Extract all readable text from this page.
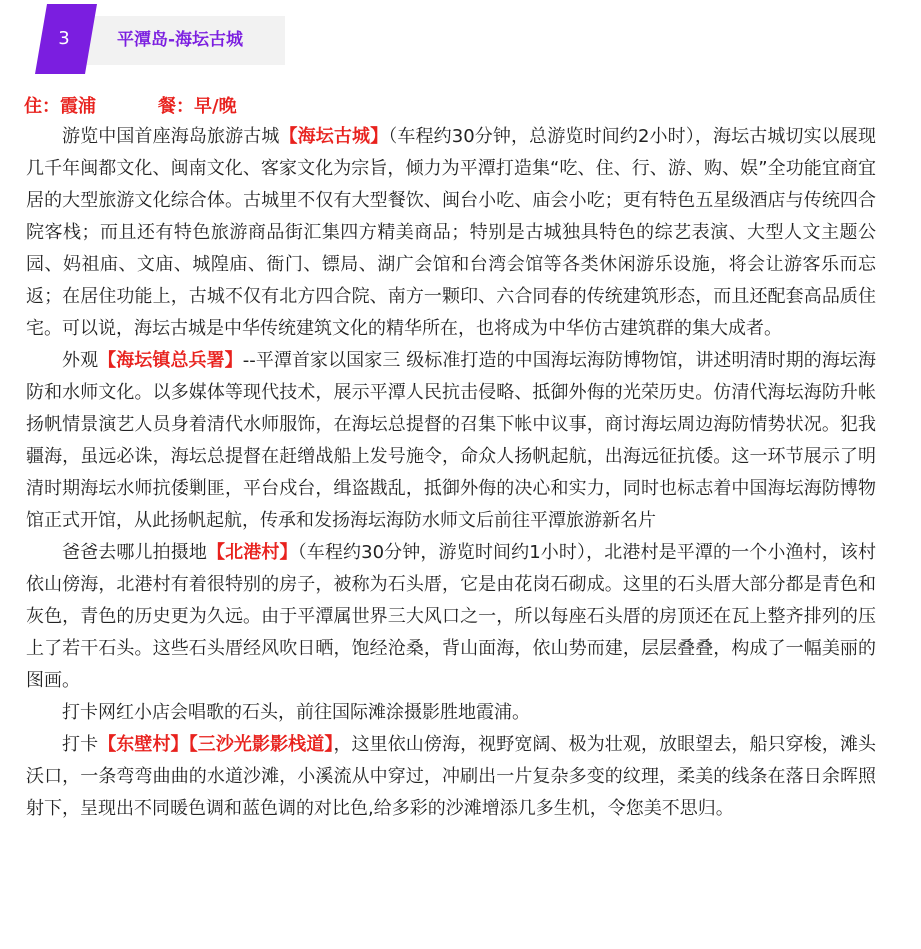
3	平潭岛-海坛古城
住：霞浦	餐：早/晚

游览中国首座海岛旅游古城【海坛古城】（车程约30分钟，总游览时间约2小时），海坛古城切实以展现几千年闽都文化、闽南文化、客家文化为宗旨，倾力为平潭打造集“吃、住、行、游、购、娱”全功能宜商宜居的大型旅游文化综合体。古城里不仅有大型餐饮、闽台小吃、庙会小吃；更有特色五星级酒店与传统四合院客栈；而且还有特色旅游商品街汇集四方精美商品；特别是古城独具特色的综艺表演、大型人文主题公园、妈祖庙、文庙、城隍庙、衙门、镖局、湖广会馆和台湾会馆等各类休闲游乐设施，将会让游客乐而忘返；在居住功能上，古城不仅有北方四合院、南方一颗印、六合同春的传统建筑形态，而且还配套高品质住宅。可以说，海坛古城是中华传统建筑文化的精华所在，也将成为中华仿古建筑群的集大成者。

外观【海坛镇总兵署】--平潭首家以国家三 级标准打造的中国海坛海防博物馆，讲述明清时期的海坛海防和水师文化。以多媒体等现代技术，展示平潭人民抗击侵略、抵御外侮的光荣历史。仿清代海坛海防升帐扬帆情景演艺人员身着清代水师服饰，在海坛总提督的召集下帐中议事，商讨海坛周边海防情势状况。犯我疆海，虽远必诛，海坛总提督在赶缯战船上发号施令，命众人扬帆起航，出海远征抗倭。这一环节展示了明清时期海坛水师抗倭剿匪，平台戍台，缉盗戡乱，抵御外侮的决心和实力，同时也标志着中国海坛海防博物馆正式开馆，从此扬帆起航，传承和发扬海坛海防水师文后前往平潭旅游新名片

爸爸去哪儿拍摄地【北港村】（车程约30分钟，游览时间约1小时），北港村是平潭的一个小渔村，该村依山傍海，北港村有着很特别的房子，被称为石头厝，它是由花岗石砌成。这里的石头厝大部分都是青色和灰色，青色的历史更为久远。由于平潭属世界三大风口之一，所以每座石头厝的房顶还在瓦上整齐排列的压上了若干石头。这些石头厝经风吹日晒，饱经沧桑，背山面海，依山势而建，层层叠叠，构成了一幅美丽的图画。

打卡网红小店会唱歌的石头，前往国际滩涂摄影胜地霞浦。

打卡【东壁村】【三沙光影影栈道】，这里依山傍海，视野宽阔、极为壮观，放眼望去，船只穿梭，滩头沃口，一条弯弯曲曲的水道沙滩，小溪流从中穿过，冲刷出一片复杂多变的纹理，柔美的线条在落日余晖照射下，呈现出不同暖色调和蓝色调的对比色,给多彩的沙滩增添几多生机，令您美不思归。
